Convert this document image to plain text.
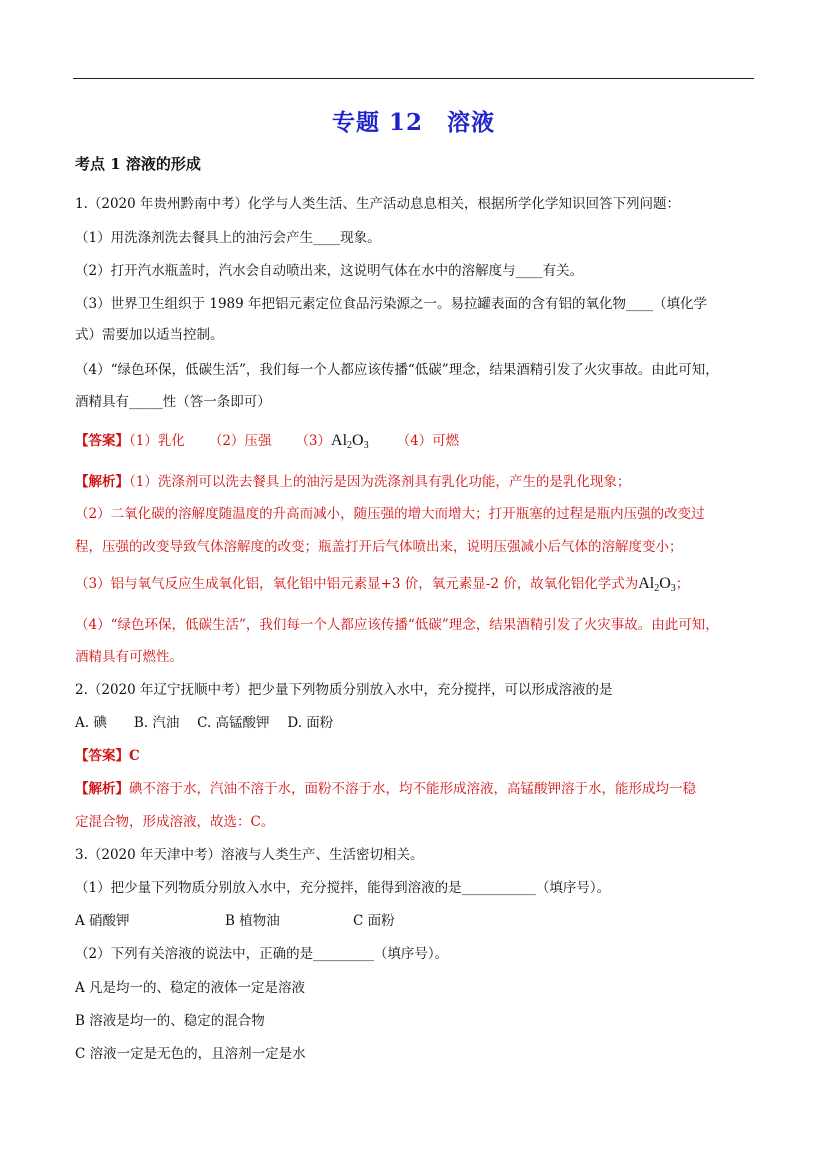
专题 12　溶液
考点 1 溶液的形成
1.（2020 年贵州黔南中考）化学与人类生活、生产活动息息相关，根据所学化学知识回答下列问题：
（1）用洗涤剂洗去餐具上的油污会产生____现象。
（2）打开汽水瓶盖时，汽水会自动喷出来，这说明气体在水中的溶解度与____有关。
（3）世界卫生组织于 1989 年把铝元素定位食品污染源之一。易拉罐表面的含有铝的氧化物____（填化学
式）需要加以适当控制。
（4）“绿色环保，低碳生活”，我们每一个人都应该传播“低碳”理念，结果酒精引发了火灾事故。由此可知，
酒精具有_____性（答一条即可）
【答案】（1）乳化 （2）压强 $(3)Al_2O_3$ （4）可燃
【解析】（1）洗涤剂可以洗去餐具上的油污是因为洗涤剂具有乳化功能，产生的是乳化现象；
（2）二氧化碳的溶解度随温度的升高而减小，随压强的增大而增大；打开瓶塞的过程是瓶内压强的改变过
程，压强的改变导致气体溶解度的改变；瓶盖打开后气体喷出来，说明压强减小后气体的溶解度变小；
（3）铝与氧气反应生成氧化铝，氧化铝中铝元素显+3 价，氧元素显-2 价，故氧化铝化学式为$Al_2O_3$；
（4）“绿色环保，低碳生活”，我们每一个人都应该传播“低碳”理念，结果酒精引发了火灾事故。由此可知，
酒精具有可燃性。
2.（2020 年辽宁抚顺中考）把少量下列物质分别放入水中，充分搅拌，可以形成溶液的是
A. 碘　　B. 汽油　 C. 高锰酸钾　 D. 面粉
【答案】C
【解析】碘不溶于水，汽油不溶于水，面粉不溶于水，均不能形成溶液，高锰酸钾溶于水，能形成均一稳
定混合物，形成溶液，故选：C。
3.（2020 年天津中考）溶液与人类生产、生活密切相关。
（1）把少量下列物质分别放入水中，充分搅拌，能得到溶液的是___________（填序号）。
A 硝酸钾	B 植物油	C 面粉
（2）下列有关溶液的说法中，正确的是_________（填序号）。
A 凡是均一的、稳定的液体一定是溶液
B 溶液是均一的、稳定的混合物
C 溶液一定是无色的，且溶剂一定是水
